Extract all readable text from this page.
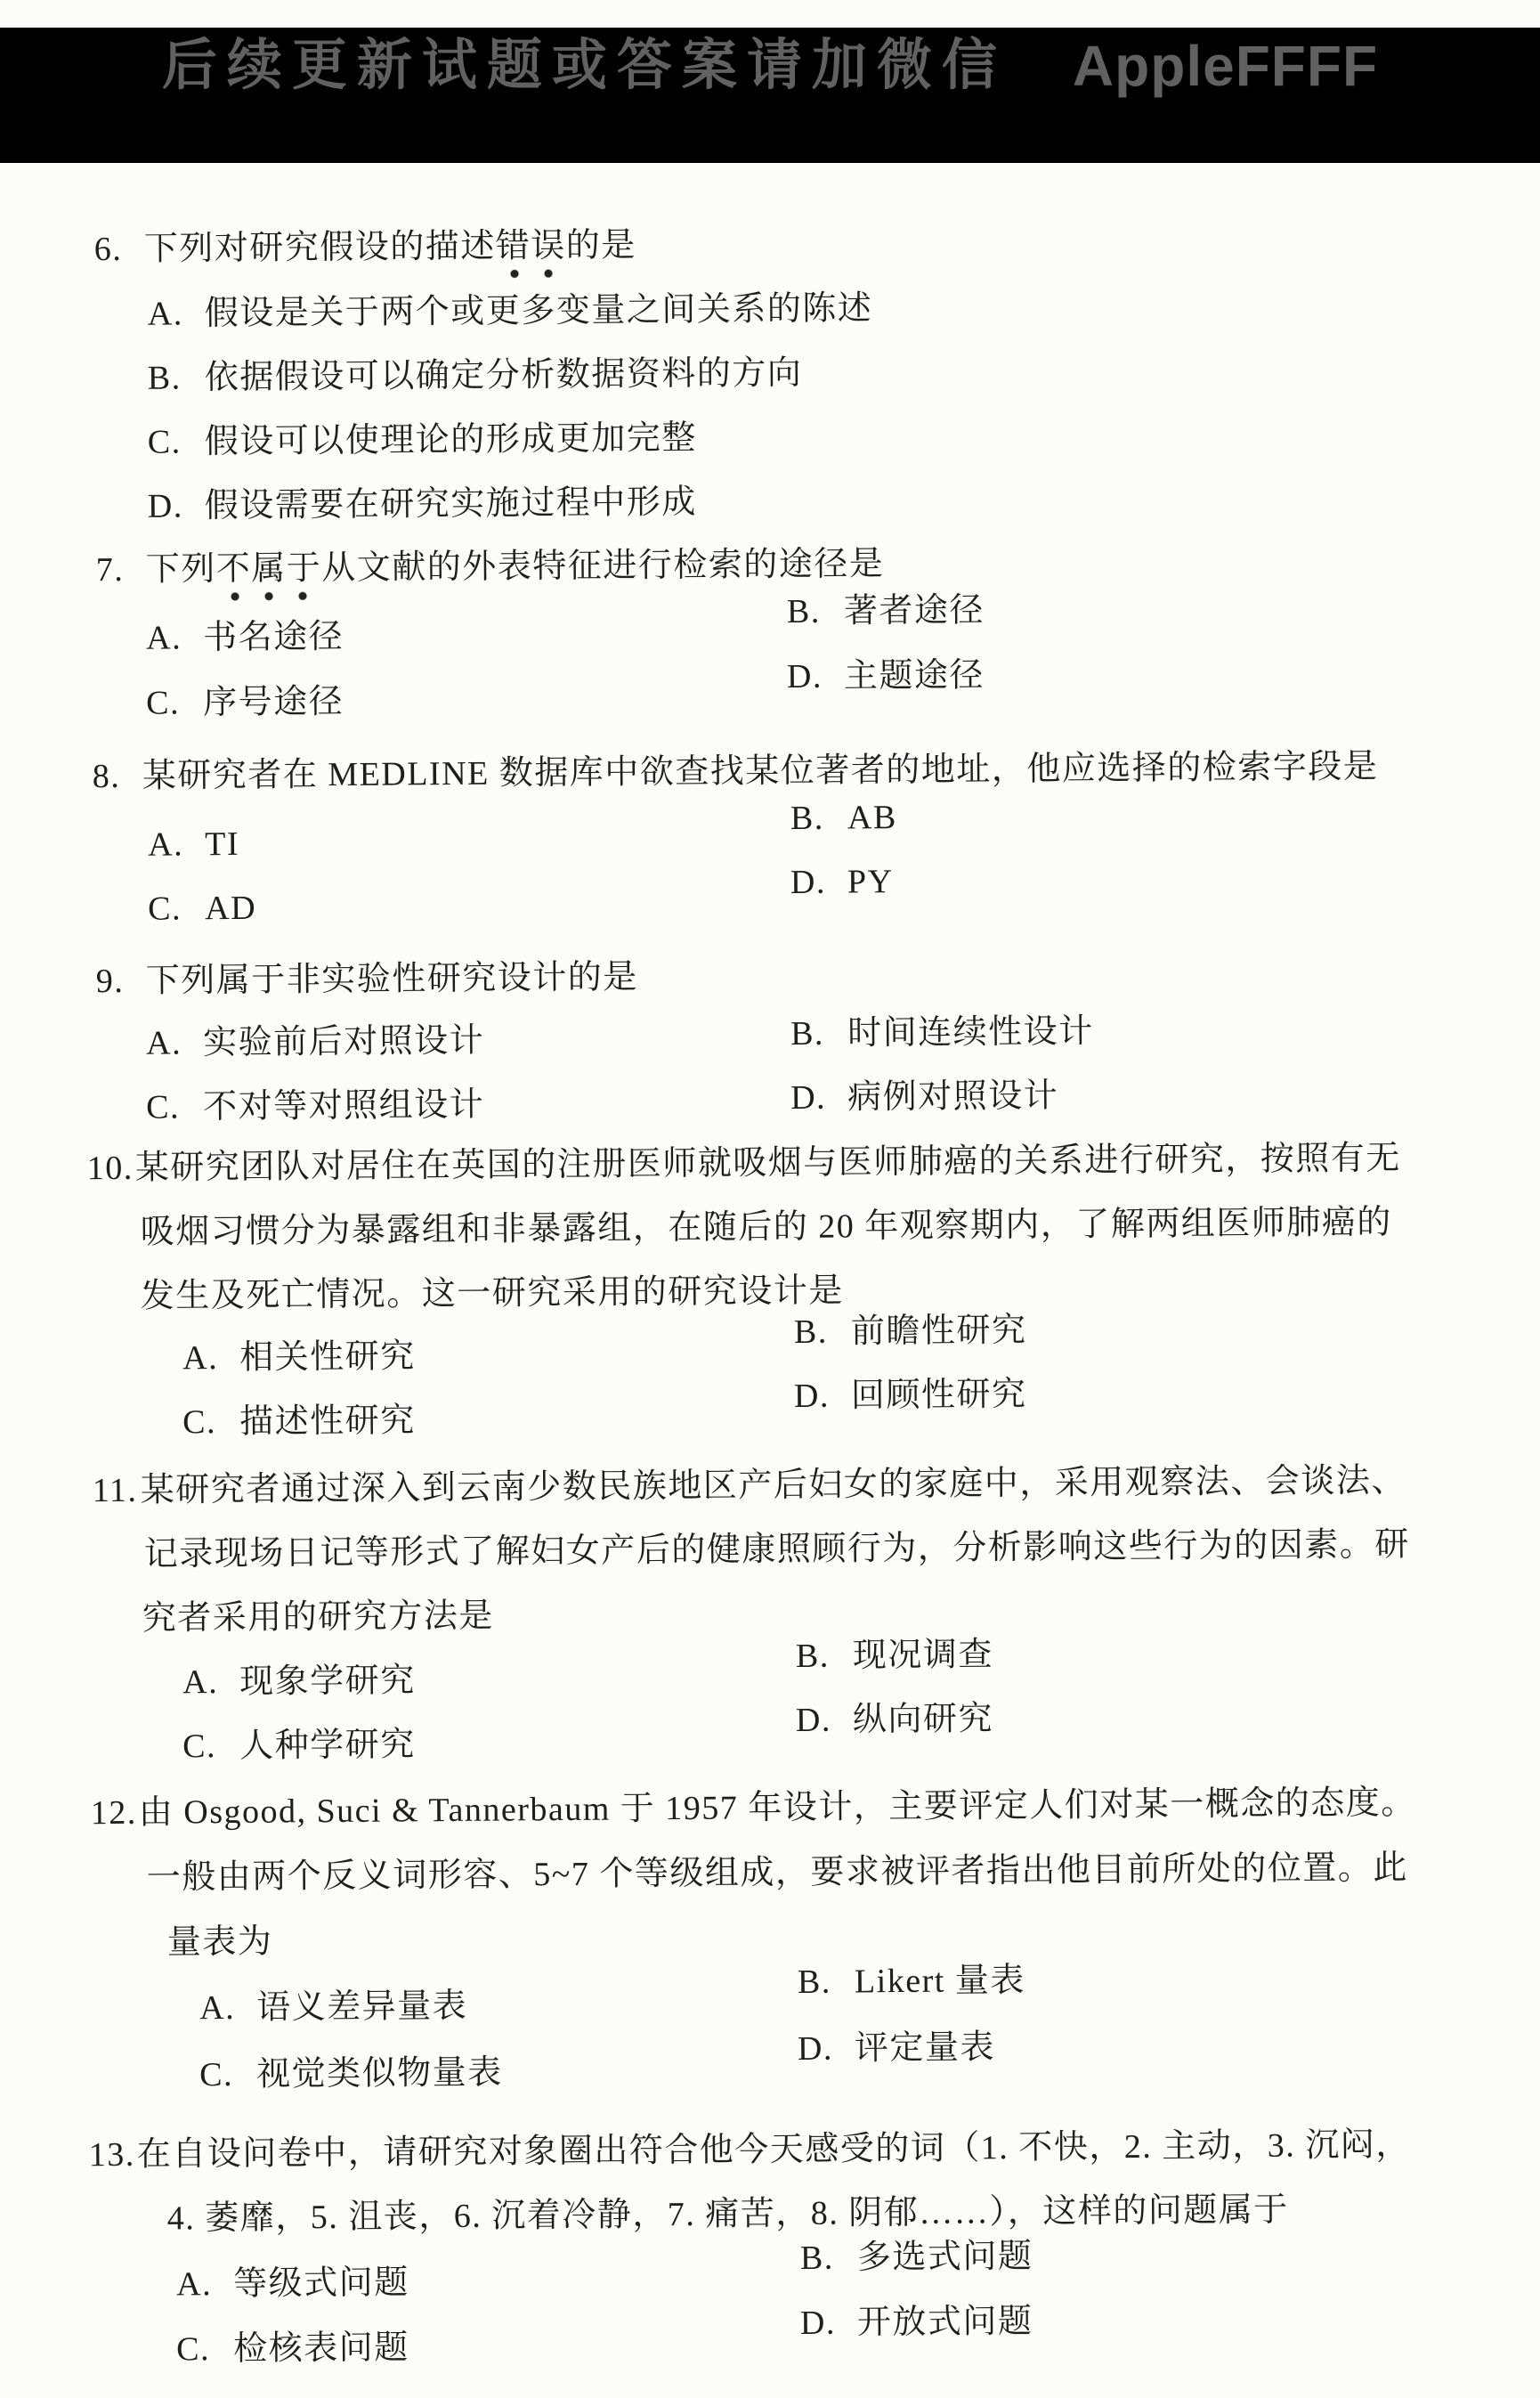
后续更新试题或答案请加微信 AppleFFFF
6. 下列对研究假设的描述错误的是
A. 假设是关于两个或更多变量之间关系的陈述
B. 依据假设可以确定分析数据资料的方向
C. 假设可以使理论的形成更加完整
D. 假设需要在研究实施过程中形成
7. 下列不属于从文献的外表特征进行检索的途径是
A. 书名途径
B. 著者途径
C. 序号途径
D. 主题途径
8. 某研究者在 MEDLINE 数据库中欲查找某位著者的地址，他应选择的检索字段是
A. TI
B. AB
C. AD
D. PY
9. 下列属于非实验性研究设计的是
A. 实验前后对照设计	B. 时间连续性设计
C. 不对等对照组设计	D. 病例对照设计
10.某研究团队对居住在英国的注册医师就吸烟与医师肺癌的关系进行研究，按照有无
吸烟习惯分为暴露组和非暴露组，在随后的 20 年观察期内，了解两组医师肺癌的
发生及死亡情况。这一研究采用的研究设计是
A. 相关性研究
B. 前瞻性研究
C. 描述性研究
D. 回顾性研究
11.某研究者通过深入到云南少数民族地区产后妇女的家庭中，采用观察法、会谈法、
记录现场日记等形式了解妇女产后的健康照顾行为，分析影响这些行为的因素。研
究者采用的研究方法是
A. 现象学研究
B. 现况调查
C. 人种学研究
D. 纵向研究
12.由 Osgood, Suci & Tannerbaum 于 1957 年设计，主要评定人们对某一概念的态度。
一般由两个反义词形容、5~7 个等级组成，要求被评者指出他目前所处的位置。此
量表为
A. 语义差异量表
B. Likert 量表
C. 视觉类似物量表
D. 评定量表
13.在自设问卷中，请研究对象圈出符合他今天感受的词（1. 不快，2. 主动，3. 沉闷，
4. 萎靡，5. 沮丧，6. 沉着冷静，7. 痛苦，8. 阴郁……），这样的问题属于
A. 等级式问题
B. 多选式问题
C. 检核表问题
D. 开放式问题
